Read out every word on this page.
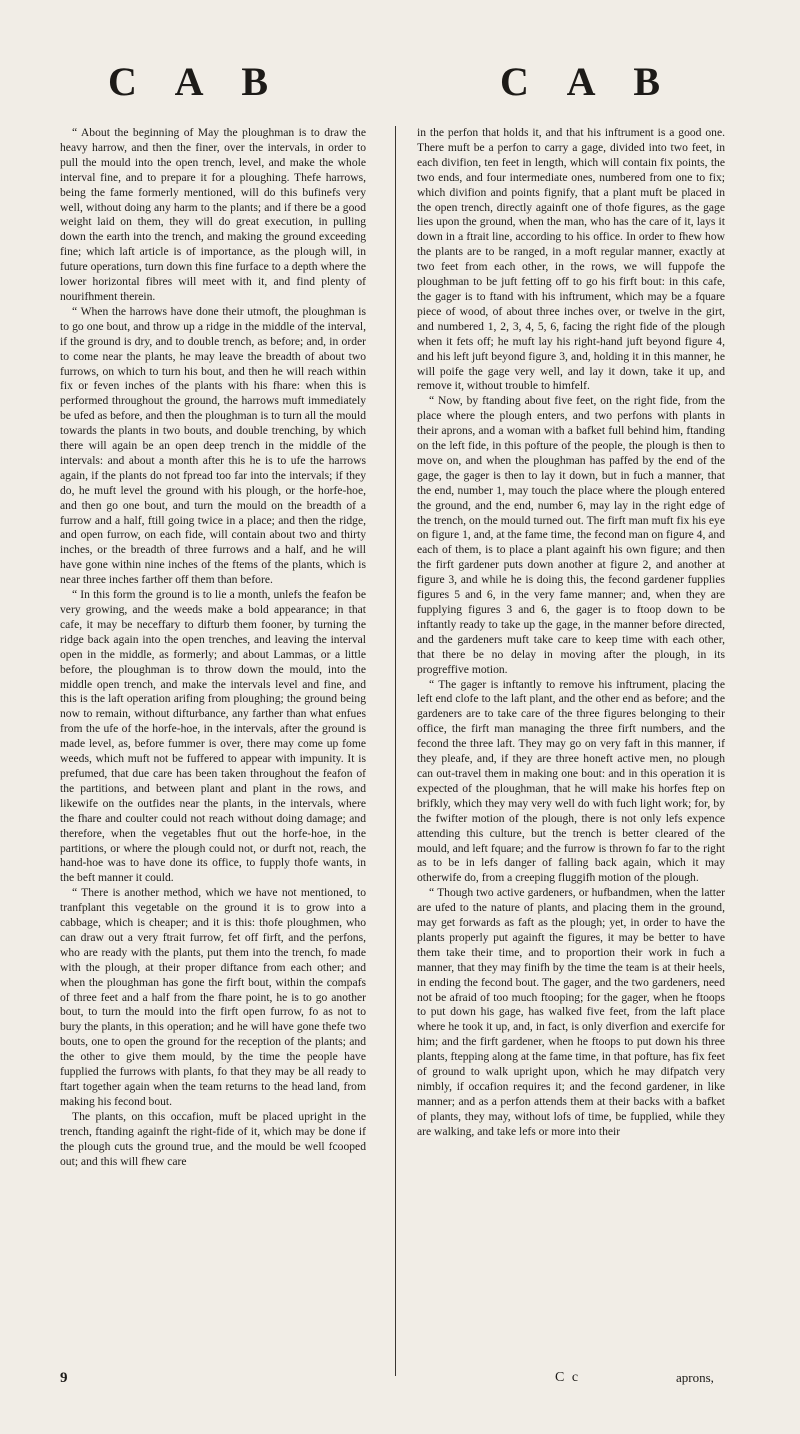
C A B	C A B

“ About the beginning of May the ploughman is to draw the heavy harrow, and then the finer, over the intervals, in order to pull the mould into the open trench, level, and make the whole interval fine, and to prepare it for a ploughing. Thefe harrows, being the fame formerly mentioned, will do this bufinefs very well, without doing any harm to the plants; and if there be a good weight laid on them, they will do great execution, in pulling down the earth into the trench, and making the ground exceeding fine; which laft article is of importance, as the plough will, in future operations, turn down this fine furface to a depth where the lower horizontal fibres will meet with it, and find plenty of nourifhment therein.

“ When the harrows have done their utmoft, the ploughman is to go one bout, and throw up a ridge in the middle of the interval, if the ground is dry, and to double trench, as before; and, in order to come near the plants, he may leave the breadth of about two furrows, on which to turn his bout, and then he will reach within fix or feven inches of the plants with his fhare: when this is performed throughout the ground, the harrows muft immediately be ufed as before, and then the ploughman is to turn all the mould towards the plants in two bouts, and double trenching, by which there will again be an open deep trench in the middle of the intervals: and about a month after this he is to ufe the harrows again, if the plants do not fpread too far into the intervals; if they do, he muft level the ground with his plough, or the horfe-hoe, and then go one bout, and turn the mould on the breadth of a furrow and a half, ftill going twice in a place; and then the ridge, and open furrow, on each fide, will contain about two and thirty inches, or the breadth of three furrows and a half, and he will have gone within nine inches of the ftems of the plants, which is near three inches farther off them than before.

“ In this form the ground is to lie a month, unlefs the feafon be very growing, and the weeds make a bold appearance; in that cafe, it may be neceffary to difturb them fooner, by turning the ridge back again into the open trenches, and leaving the interval open in the middle, as formerly; and about Lammas, or a little before, the ploughman is to throw down the mould, into the middle open trench, and make the intervals level and fine, and this is the laft operation arifing from ploughing; the ground being now to remain, without difturbance, any farther than what enfues from the ufe of the horfe-hoe, in the intervals, after the ground is made level, as, before fummer is over, there may come up fome weeds, which muft not be fuffered to appear with impunity. It is prefumed, that due care has been taken throughout the feafon of the partitions, and between plant and plant in the rows, and likewife on the outfides near the plants, in the intervals, where the fhare and coulter could not reach without doing damage; and therefore, when the vegetables fhut out the horfe-hoe, in the partitions, or where the plough could not, or durft not, reach, the hand-hoe was to have done its office, to fupply thofe wants, in the beft manner it could.

“ There is another method, which we have not mentioned, to tranfplant this vegetable on the ground it is to grow into a cabbage, which is cheaper; and it is this: thofe ploughmen, who can draw out a very ftrait furrow, fet off firft, and the perfons, who are ready with the plants, put them into the trench, fo made with the plough, at their proper diftance from each other; and when the ploughman has gone the firft bout, within the compafs of three feet and a half from the fhare point, he is to go another bout, to turn the mould into the firft open furrow, fo as not to bury the plants, in this operation; and he will have gone thefe two bouts, one to open the ground for the reception of the plants; and the other to give them mould, by the time the people have fupplied the furrows with plants, fo that they may be all ready to ftart together again when the team returns to the head land, from making his fecond bout.

The plants, on this occafion, muft be placed upright in the trench, ftanding againft the right-fide of it, which may be done if the plough cuts the ground true, and the mould be well fcooped out; and this will fhew care

in the perfon that holds it, and that his inftrument is a good one. There muft be a perfon to carry a gage, divided into two feet, in each divifion, ten feet in length, which will contain fix points, the two ends, and four intermediate ones, numbered from one to fix; which divifion and points fignify, that a plant muft be placed in the open trench, directly againft one of thofe figures, as the gage lies upon the ground, when the man, who has the care of it, lays it down in a ftrait line, according to his office. In order to fhew how the plants are to be ranged, in a moft regular manner, exactly at two feet from each other, in the rows, we will fuppofe the ploughman to be juft fetting off to go his firft bout: in this cafe, the gager is to ftand with his inftrument, which may be a fquare piece of wood, of about three inches over, or twelve in the girt, and numbered 1, 2, 3, 4, 5, 6, facing the right fide of the plough when it fets off; he muft lay his right-hand juft beyond figure 4, and his left juft beyond figure 3, and, holding it in this manner, he will poife the gage very well, and lay it down, take it up, and remove it, without trouble to himfelf.

“ Now, by ftanding about five feet, on the right fide, from the place where the plough enters, and two perfons with plants in their aprons, and a woman with a bafket full behind him, ftanding on the left fide, in this pofture of the people, the plough is then to move on, and when the ploughman has paffed by the end of the gage, the gager is then to lay it down, but in fuch a manner, that the end, number 1, may touch the place where the plough entered the ground, and the end, number 6, may lay in the right edge of the trench, on the mould turned out. The firft man muft fix his eye on figure 1, and, at the fame time, the fecond man on figure 4, and each of them, is to place a plant againft his own figure; and then the firft gardener puts down another at figure 2, and another at figure 3, and while he is doing this, the fecond gardener fupplies figures 5 and 6, in the very fame manner; and, when they are fupplying figures 3 and 6, the gager is to ftoop down to be inftantly ready to take up the gage, in the manner before directed, and the gardeners muft take care to keep time with each other, that there be no delay in moving after the plough, in its progreffive motion.

“ The gager is inftantly to remove his inftrument, placing the left end clofe to the laft plant, and the other end as before; and the gardeners are to take care of the three figures belonging to their office, the firft man managing the three firft numbers, and the fecond the three laft. They may go on very faft in this manner, if they pleafe, and, if they are three honeft active men, no plough can out-travel them in making one bout: and in this operation it is expected of the ploughman, that he will make his horfes ftep on brifkly, which they may very well do with fuch light work; for, by the fwifter motion of the plough, there is not only lefs expence attending this culture, but the trench is better cleared of the mould, and left fquare; and the furrow is thrown fo far to the right as to be in lefs danger of falling back again, which it may otherwife do, from a creeping fluggifh motion of the plough.

“ Though two active gardeners, or hufbandmen, when the latter are ufed to the nature of plants, and placing them in the ground, may get forwards as faft as the plough; yet, in order to have the plants properly put againft the figures, it may be better to have them take their time, and to proportion their work in fuch a manner, that they may finifh by the time the team is at their heels, in ending the fecond bout. The gager, and the two gardeners, need not be afraid of too much ftooping; for the gager, when he ftoops to put down his gage, has walked five feet, from the laft place where he took it up, and, in fact, is only diverfion and exercife for him; and the firft gardener, when he ftoops to put down his three plants, ftepping along at the fame time, in that pofture, has fix feet of ground to walk upright upon, which he may difpatch very nimbly, if occafion requires it; and the fecond gardener, in like manner; and as a perfon attends them at their backs with a bafket of plants, they may, without lofs of time, be fupplied, while they are walking, and take lefs or more into their

9	C c	aprons,
